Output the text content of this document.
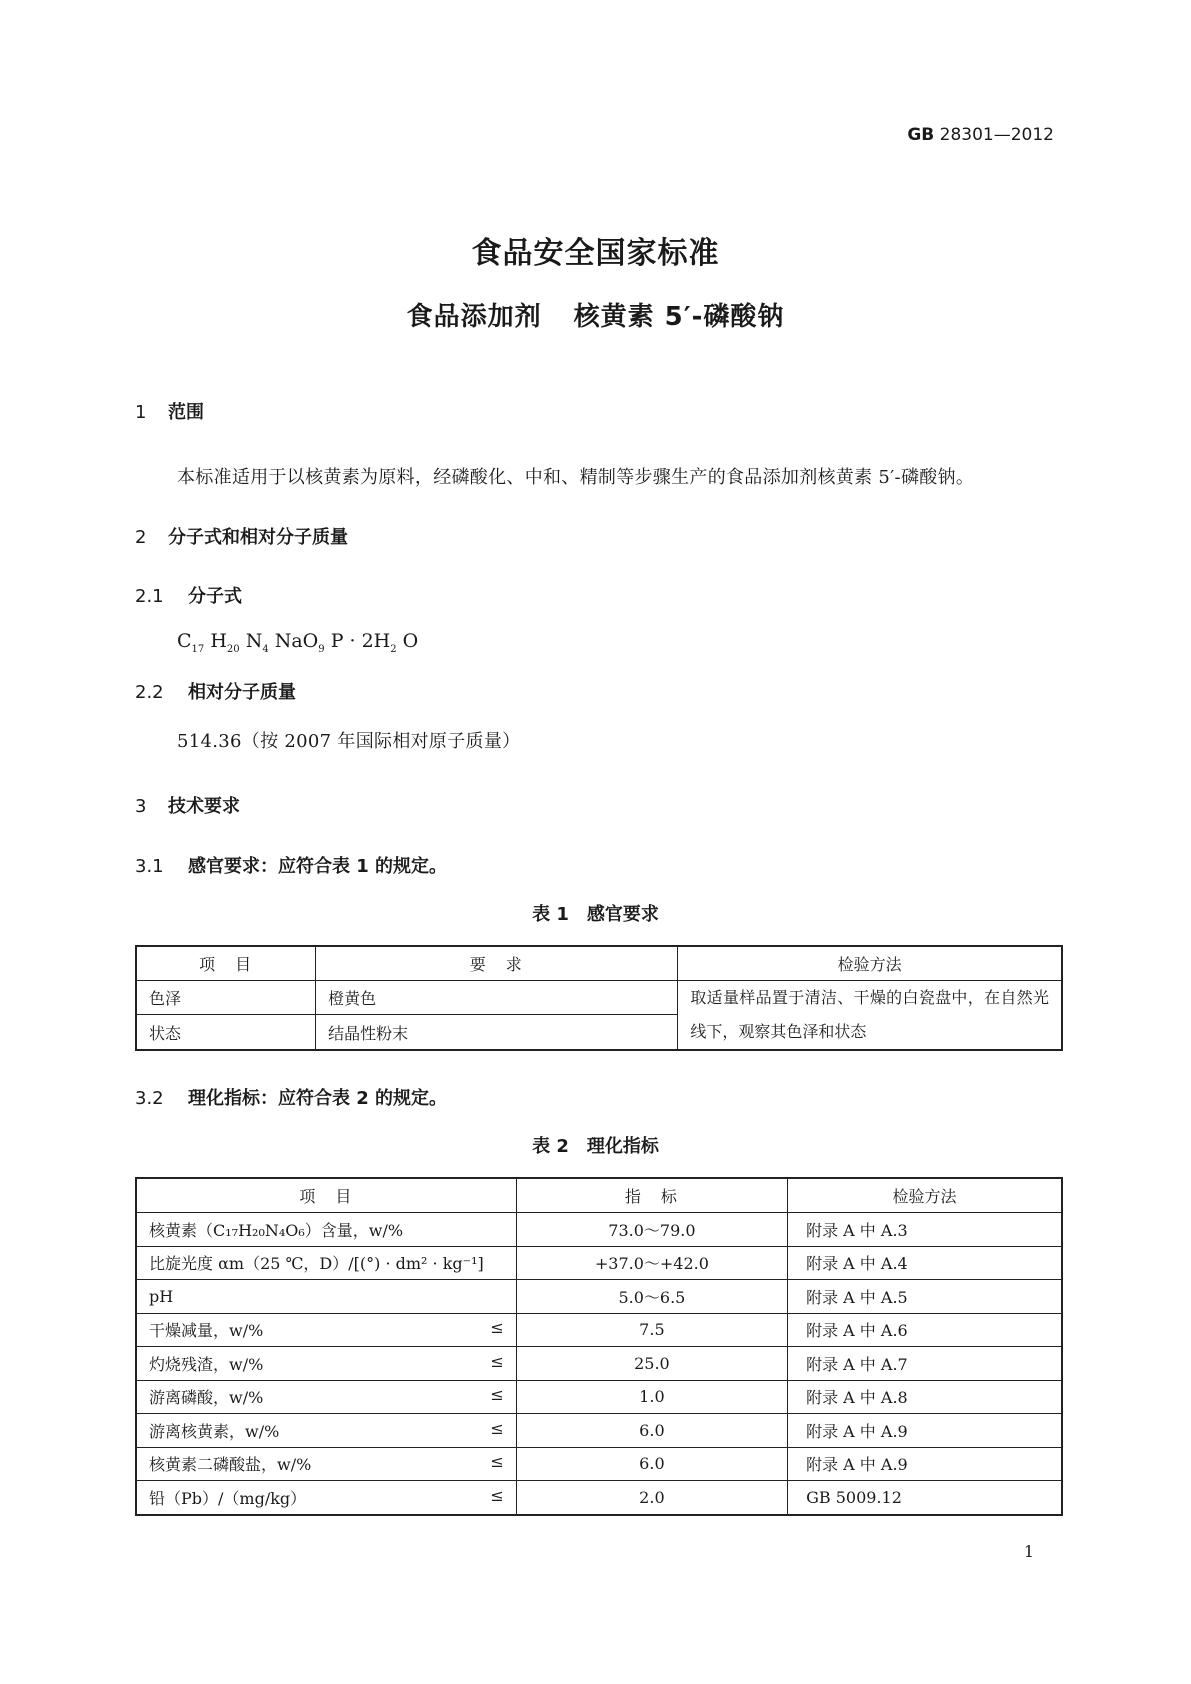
GB 28301—2012
食品安全国家标准
食品添加剂 核黄素 5′-磷酸钠
1 范围
本标准适用于以核黄素为原料，经磷酸化、中和、精制等步骤生产的食品添加剂核黄素 5′-磷酸钠。
2 分子式和相对分子质量
2.1 分子式
$C_{17}$ $H_{20}$ $N_4$ NaO$_9$ $P \cdot 2H_2$ O
2.2 相对分子质量
514.36（按 2007 年国际相对原子质量）
3 技术要求
3.1 感官要求：应符合表 1 的规定。
表 1　感官要求
项　目	要　求	检验方法
色泽	橙黄色	取适量样品置于清洁、干燥的白瓷盘中，在自然光线下，观察其色泽和状态
状态	结晶性粉末	
3.2 理化指标：应符合表 2 的规定。
表 2　理化指标
项　目	指　标	检验方法
核黄素（C₁₇H₂₀N₄O₆）含量，w/%	73.0～79.0	附录 A 中 A.3
比旋光度 αm（25 ℃，D）/[(°) · dm² · kg⁻¹]	+37.0～+42.0	附录 A 中 A.4
pH	5.0～6.5	附录 A 中 A.5
干燥减量，w/% ≤	7.5	附录 A 中 A.6
灼烧残渣，w/% ≤	25.0	附录 A 中 A.7
游离磷酸，w/% ≤	1.0	附录 A 中 A.8
游离核黄素，w/% ≤	6.0	附录 A 中 A.9
核黄素二磷酸盐，w/% ≤	6.0	附录 A 中 A.9
铅（Pb）/（mg/kg） ≤	2.0	GB 5009.12
1
